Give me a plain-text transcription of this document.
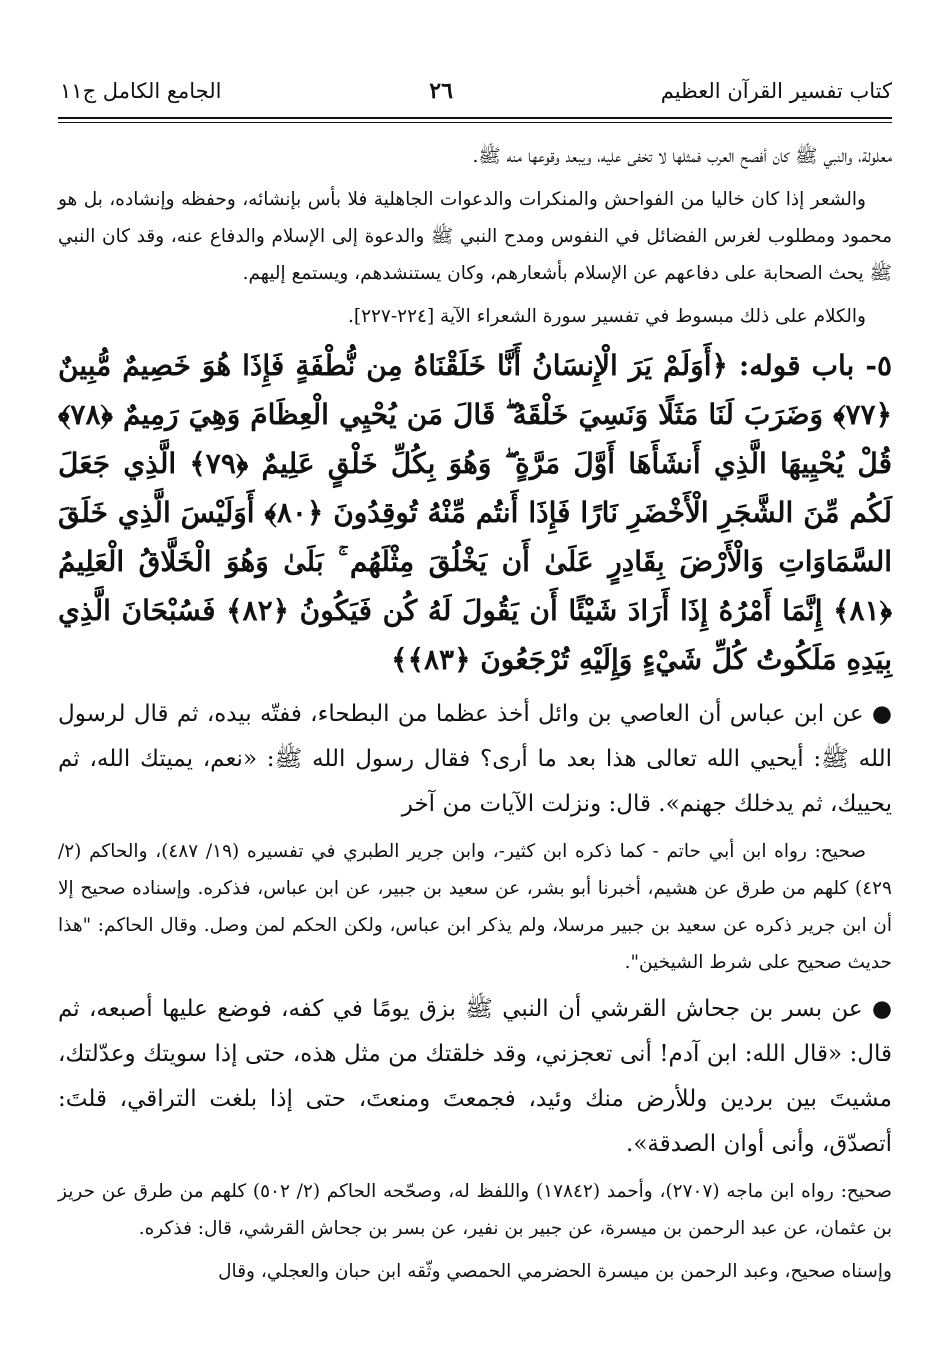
كتاب تفسير القرآن العظيم
٢٦
الجامع الكامل ج١١

معلولة، والنبي ﷺ كان أفصح العرب فمثلها لا تخفى عليه، ويبعد وقوعها منه ﷺ.

والشعر إذا كان خاليا من الفواحش والمنكرات والدعوات الجاهلية فلا بأس بإنشائه، وحفظه وإنشاده، بل هو محمود ومطلوب لغرس الفضائل في النفوس ومدح النبي ﷺ والدعوة إلى الإسلام والدفاع عنه، وقد كان النبي ﷺ يحث الصحابة على دفاعهم عن الإسلام بأشعارهم، وكان يستنشدهم، ويستمع إليهم.

والكلام على ذلك مبسوط في تفسير سورة الشعراء الآية [٢٢٤-٢٢٧].

٥- باب قوله: ﴿أَوَلَمْ يَرَ الْإِنسَانُ أَنَّا خَلَقْنَاهُ مِن نُّطْفَةٍ فَإِذَا هُوَ خَصِيمٌ مُّبِينٌ ﴿٧٧﴾ وَضَرَبَ لَنَا مَثَلًا وَنَسِيَ خَلْقَهُ ۖ قَالَ مَن يُحْيِي الْعِظَامَ وَهِيَ رَمِيمٌ ﴿٧٨﴾ قُلْ يُحْيِيهَا الَّذِي أَنشَأَهَا أَوَّلَ مَرَّةٍ ۖ وَهُوَ بِكُلِّ خَلْقٍ عَلِيمٌ ﴿٧٩﴾ الَّذِي جَعَلَ لَكُم مِّنَ الشَّجَرِ الْأَخْضَرِ نَارًا فَإِذَا أَنتُم مِّنْهُ تُوقِدُونَ ﴿٨٠﴾ أَوَلَيْسَ الَّذِي خَلَقَ السَّمَاوَاتِ وَالْأَرْضَ بِقَادِرٍ عَلَىٰ أَن يَخْلُقَ مِثْلَهُم ۚ بَلَىٰ وَهُوَ الْخَلَّاقُ الْعَلِيمُ ﴿٨١﴾ إِنَّمَا أَمْرُهُ إِذَا أَرَادَ شَيْئًا أَن يَقُولَ لَهُ كُن فَيَكُونُ ﴿٨٢﴾ فَسُبْحَانَ الَّذِي بِيَدِهِ مَلَكُوتُ كُلِّ شَيْءٍ وَإِلَيْهِ تُرْجَعُونَ ﴿٨٣﴾﴾

● عن ابن عباس أن العاصي بن وائل أخذ عظما من البطحاء، ففتّه بيده، ثم قال لرسول الله ﷺ: أيحيي الله تعالى هذا بعد ما أرى؟ فقال رسول الله ﷺ: «نعم، يميتك الله، ثم يحييك، ثم يدخلك جهنم». قال: ونزلت الآيات من آخر

صحيح: رواه ابن أبي حاتم - كما ذكره ابن كثير-، وابن جرير الطبري في تفسيره (١٩/ ٤٨٧)، والحاكم (٢/ ٤٢٩) كلهم من طرق عن هشيم، أخبرنا أبو بشر، عن سعيد بن جبير، عن ابن عباس، فذكره. وإسناده صحيح إلا أن ابن جرير ذكره عن سعيد بن جبير مرسلا، ولم يذكر ابن عباس، ولكن الحكم لمن وصل. وقال الحاكم: "هذا حديث صحيح على شرط الشيخين".

● عن بسر بن جحاش القرشي أن النبي ﷺ بزق يومًا في كفه، فوضع عليها أصبعه، ثم قال: «قال الله: ابن آدم! أنى تعجزني، وقد خلقتك من مثل هذه، حتى إذا سويتك وعدّلتك، مشيتَ بين بردين وللأرض منك وئيد، فجمعتَ ومنعتَ، حتى إذا بلغت التراقي، قلتَ: أتصدّق، وأنى أوان الصدقة».

صحيح: رواه ابن ماجه (٢٧٠٧)، وأحمد (١٧٨٤٢) واللفظ له، وصحّحه الحاكم (٢/ ٥٠٢) كلهم من طرق عن حريز بن عثمان، عن عبد الرحمن بن ميسرة، عن جبير بن نفير، عن بسر بن جحاش القرشي، قال: فذكره.

وإسناه صحيح، وعبد الرحمن بن ميسرة الحضرمي الحمصي وثّقه ابن حبان والعجلي، وقال
